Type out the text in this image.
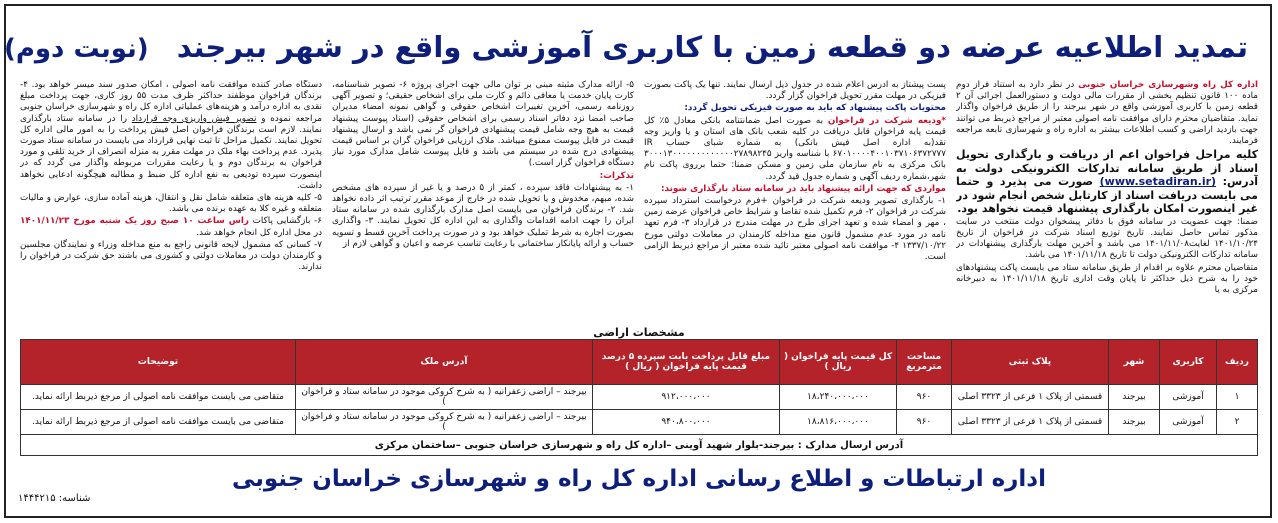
تمدید اطلاعیه عرضه دو قطعه زمین با کاربری آموزشی واقع در شهر بیرجند (نوبت دوم)

اداره کل راه وشهرسازی خراسان جنوبی در نظر دارد به استناد فراز دوم ماده ۱۰۰ قانون تنظیم بخشی از مقررات مالی دولت و دستورالعمل اجرائی آن ۲ قطعه زمین با کاربری آموزشی واقع در شهر بیرجند را از طریق فراخوان واگذار نماید. متقاضیان محترم دارای موافقت نامه اصولی معتبر از مراجع ذیربط می توانند جهت بازدید اراضی و کسب اطلاعات بیشتر به اداره راه و شهرسازی تابعه مراجعه فرمایند.

کلیه مراحل فراخوان اعم از دریافت و بارگذاری تحویل اسناد از طریق سامانه تدارکات الکترونیکی دولت به آدرس: (www.setadiran.ir) صورت می پذیرد و حتما می بایست دریافت اسناد از کارتابل شخص انجام شود در غیر اینصورت امکان بارگذاری پیشنهاد قیمت نخواهد بود.

ضمنا: جهت عضویت در سامانه فوق با دفاتر پیشخوان دولت منتخب در سایت مذکور تماس حاصل نمایند. تاریخ توزیع اسناد شرکت در فراخوان از تاریخ ۱۴۰۱/۱۰/۲۴ لغایت۱۴۰۱/۱۱/۰۸ می باشد و آخرین مهلت بارگذاری پیشنهادات در سامانه تدارکات الکترونیکی دولت تا تاریخ ۱۴۰۱/۱۱/۱۸ می باشد.

متقاضیان محترم علاوه بر اقدام از طریق سامانه ستاد می بایست پاکت پیشنهادهای خود را به شرح ذیل حداکثر تا پایان وقت اداری تاریخ ۱۴۰۱/۱۱/۱۸ به دبیرخانه مرکزی به یا

پست پیشتاز به آدرس اعلام شده در جدول ذیل ارسال نمایند. تنها یک پاکت بصورت فیزیکی در مهلت مقرر تحویل فراخوان گزار گردد.

محتویات پاکت پیشنهاد که باید به صورت فیزیکی تحویل گردد:

*ودیعه شرکت در فراخوان به صورت اصل ضمانتنامه بانکی معادل ۵٪ کل قیمت پایه فراخوان قابل دریافت در کلیه شعب بانک های استان و یا واریز وجه نقد(به اداره اصل فیش بانکی) به شماره شبای حساب IR ۶۷۰۱۰۰۰۰۴۰۰۱۰۳۷۱۰۶۳۷۲۷۷۷ با شناسه واریز ۳۰۰۰۱۳۰۰۰۰۰۰۰۰۰۰۰۰۰۲۷۸۹۸۲۴۵ بانک مرکزی به نام سازمان ملی زمین و مسکن ضمنا: حتما برروی پاکت نام شهر،شماره ردیف آگهی و شماره جدول قید گردد.

مواردی که جهت ارائه پیشنهاد باید در سامانه ستاد بارگذاری شوند:

۱- بارگذاری تصویر ودیعه شرکت در فراخوان +فرم درخواست استرداد سپرده شرکت در فراخوان ۲- فرم تکمیل شده تقاضا و شرایط خاص فراخوان عرضه زمین ، مهر و امضاء شده و تعهد اجرای طرح در مهلت مندرج در قرارداد ۳- فرم تعهد نامه در مورد عدم مشمول قانون منع مداخله کارمندان در معاملات دولتی مورخ ۱۳۳۷/۱۰/۲۲ ۴- موافقت نامه اصولی معتبر تائید شده معتبر از مراجع ذیربط الزامی است.

۵- ارائه مدارک مثبته مبنی بر توان مالی جهت اجرای پروژه ۶- تصویر شناسنامه، کارت پایان خدمت یا معافی دائم و کارت ملی برای اشخاص حقیقی؛ و تصویر آگهی روزنامه رسمی، آخرین تغییرات اشخاص حقوقی و گواهی نمونه امضاء مدیران صاحب امضا نزد دفاتر اسناد رسمی برای اشخاص حقوقی (اسناد پیوست پیشنهاد قیمت به هیچ وجه شامل قیمت پیشنهادی فراخوان گر نمی باشد و ارسال پیشنهاد قیمت در فایل پیوست ممنوع میباشد. ملاک ارزیابی فراخوان گران بر اساس قیمت پیشنهادی درج شده در سیستم می باشد و فایل پیوست شامل مدارک مورد نیاز دستگاه فراخوان گزار است.)

تذکرات:

۱- به پیشنهادات فاقد سپرده ، کمتر از ۵ درصد و یا غیر از سپرده های مشخص شده، مبهم، مخدوش و یا تحویل شده در خارج از موعد مقرر ترتیب اثر داده نخواهد شد. ۲- برندگان فراخوان می بایست اصل مدارک بارگذاری شده در سامانه ستاد ایران را جهت ادامه اقدامات واگذاری به این اداره کل تحویل نمایند. ۳- واگذاری بصورت اجاره به شرط تملیک خواهد بود و در صورت پرداخت آخرین قسط و تسویه حساب و ارائه پایانکار ساختمانی با رعایت تناسب عرصه و اعیان و گواهی لازم از

دستگاه صادر کننده موافقت نامه اصولی ، امکان صدور سند میسر خواهد بود. ۴- برندگان فراخوان موظفند حداکثر ظرف مدت ۵۵ روز کاری، جهت پرداخت مبلغ نقدی به اداره درآمد و هزینه‌های عملیاتی اداره کل راه و شهرسازی خراسان جنوبی مراجعه نموده و تصویر فیش واریزی وجه قرارداد را در سامانه ستاد بارگذاری نمایند. لازم است برندگان فراخوان اصل فیش پرداخت را به امور مالی اداره کل تحویل نمایند. تکمیل مراحل تا ثبت نهایی قرارداد می بایست در سامانه ستاد صورت پذیرد. عدم پرداخت بهاء ملک در مهلت مقرر به منزله انصراف از خرید تلقی و مورد فراخوان به برندگان دوم و یا رعایت مقررات مربوطه واگذار می گردد که در اینصورت سپرده تودیعی به نفع اداره کل ضبط و مطالبه هیچگونه ادعایی نخواهد داشت.

۵- کلیه هزینه های متعلقه شامل نقل و انتقال، هزینه آماده سازی، عوارض و مالیات متعلقه و غیره کلا به عهده برنده می باشد.

۶- بازگشایی پاکات راس ساعت ۱۰ صبح روز یک شنبه مورخ ۱۴۰۱/۱۱/۲۳ در محل اداره کل انجام خواهد شد.

۷- کسانی که مشمول لایحه قانونی راجع به منع مداخله وزراء و نمایندگان مجلسین و کارمندان دولت در معاملات دولتی و کشوری می باشند حق شرکت در فراخوان را ندارند.

مشخصات اراضی
ردیف	کاربری	شهر	پلاک ثبتی	مساحت مترمربع	کل قیمت پایه فراخوان ( ریال )	مبلغ قابل پرداخت بابت سپرده ۵ درصد قیمت پایه فراخوان ( ریال )	آدرس ملک	توضیحات
۱	آموزشی	بیرجند	قسمتی از پلاک ۱ فرعی از ۳۳۲۳ اصلی	۹۶۰	۱۸،۲۴۰،۰۰۰،۰۰۰	۹۱۲،۰۰۰،۰۰۰	بیرجند – اراضی زعفرانیه ( به شرح کروکی موجود در سامانه ستاد و فراخوان )	متقاضی می بایست موافقت نامه اصولی از مرجع ذیربط ارائه نماید.
۲	آموزشی	بیرجند	قسمتی از پلاک ۱ فرعی از ۳۳۲۳ اصلی	۹۶۰	۱۸،۸۱۶،۰۰۰،۰۰۰	۹۴۰،۸۰۰،۰۰۰	بیرجند – اراضی زعفرانیه ( به شرح کروکی موجود در سامانه ستاد و فراخوان )	متقاضی می بایست موافقت نامه اصولی از مرجع ذیربط ارائه نماید.
آدرس ارسال مدارک : بیرجند-بلوار شهید آوینی –اداره کل راه و شهرسازی خراسان جنوبی –ساختمان مرکزی								
اداره ارتباطات و اطلاع رسانی اداره کل راه و شهرسازی خراسان جنوبی
شناسه: ۱۴۴۴۲۱۵
